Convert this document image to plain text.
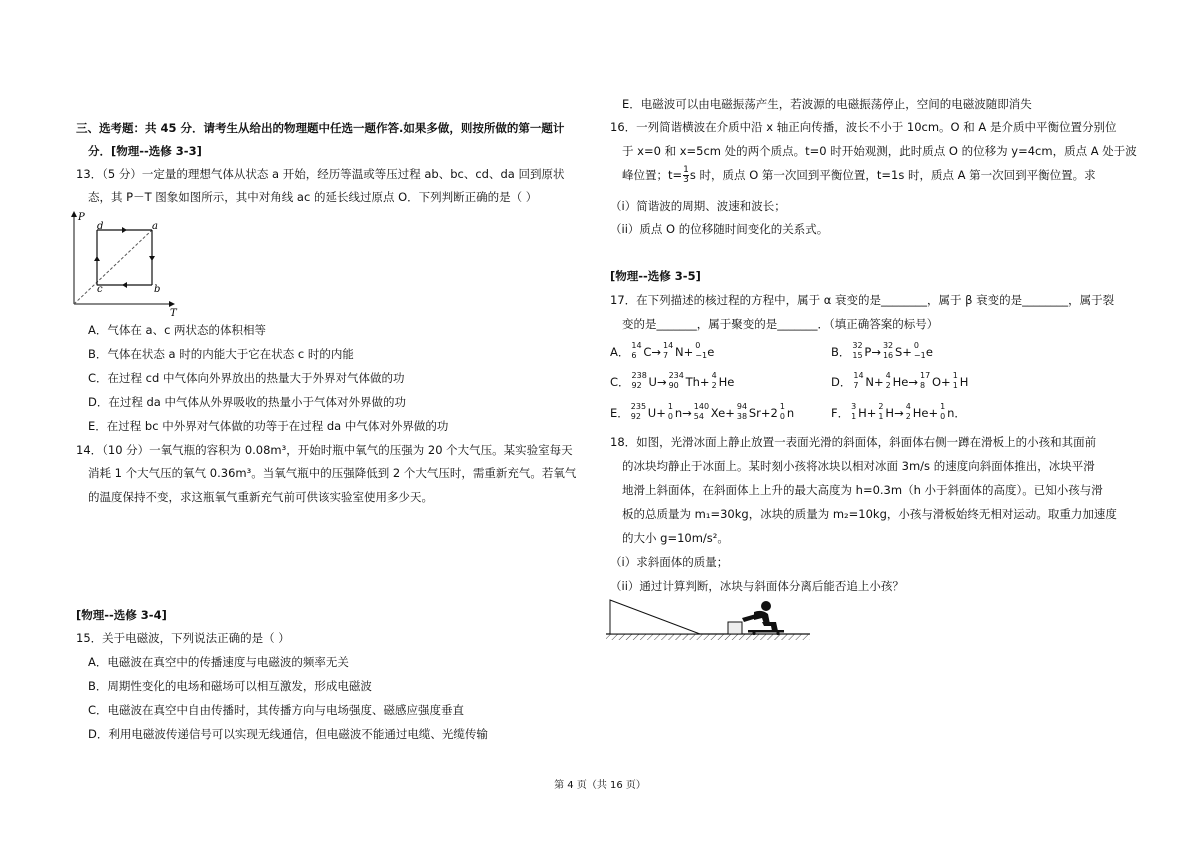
三、选考题：共 45 分．请考生从给出的物理题中任选一题作答.如果多做，则按所做的第一题计
分．[物理--选修 3-3]
13．（5 分）一定量的理想气体从状态 a 开始，经历等温或等压过程 ab、bc、cd、da 回到原状
态，其 P－T 图象如图所示，其中对角线 ac 的延长线过原点 O．下列判断正确的是（ ）
P
T
d	a
c	b
A．气体在 a、c 两状态的体积相等
B．气体在状态 a 时的内能大于它在状态 c 时的内能
C．在过程 cd 中气体向外界放出的热量大于外界对气体做的功
D．在过程 da 中气体从外界吸收的热量小于气体对外界做的功
E．在过程 bc 中外界对气体做的功等于在过程 da 中气体对外界做的功
14．（10 分）一氧气瓶的容积为 0.08m³，开始时瓶中氧气的压强为 20 个大气压。某实验室每天
消耗 1 个大气压的氧气 0.36m³。当氧气瓶中的压强降低到 2 个大气压时，需重新充气。若氧气
的温度保持不变，求这瓶氧气重新充气前可供该实验室使用多少天。
[物理--选修 3-4]
15．关于电磁波，下列说法正确的是（ ）
A．电磁波在真空中的传播速度与电磁波的频率无关
B．周期性变化的电场和磁场可以相互激发，形成电磁波
C．电磁波在真空中自由传播时，其传播方向与电场强度、磁感应强度垂直
D．利用电磁波传递信号可以实现无线通信，但电磁波不能通过电缆、光缆传输
E．电磁波可以由电磁振荡产生，若波源的电磁振荡停止，空间的电磁波随即消失
16．一列简谐横波在介质中沿 x 轴正向传播，波长不小于 10cm。O 和 A 是介质中平衡位置分别位
于 x=0 和 x=5cm 处的两个质点。t=0 时开始观测，此时质点 O 的位移为 y=4cm，质点 A 处于波
峰位置；$t= \frac{1}{3}$ s 时，质点 O 第一次回到平衡位置，t=1s 时，质点 A 第一次回到平衡位置。求
（i）简谐波的周期、波速和波长；
（ii）质点 O 的位移随时间变化的关系式。
[物理--选修 3-5]
17．在下列描述的核过程的方程中，属于 α 衰变的是________，属于 β 衰变的是________，属于裂
变的是_______，属于聚变的是_______．（填正确答案的标号）
A． 14
6 C→ 14
7 N+ 0
−1 e	B． 32
15 P→ 32
16 S+ 0
−1 e
C． 238
92 U→ 234
90 Th+ 4
2 He	D． 14
7 N+ 4
2 He→ 17
8 O+ 1
1 H
E． 235
92 U+ 1
0 n→ 140
54 Xe+ 94
38 Sr+2 1
0 n	F． 3
1 H+ 2
1 H→ 4
2 He+ 1
0 n．
18．如图，光滑冰面上静止放置一表面光滑的斜面体，斜面体右侧一蹲在滑板上的小孩和其面前
的冰块均静止于冰面上。某时刻小孩将冰块以相对冰面 3m/s 的速度向斜面体推出，冰块平滑
地滑上斜面体，在斜面体上上升的最大高度为 h=0.3m（h 小于斜面体的高度）。已知小孩与滑
板的总质量为 m₁=30kg，冰块的质量为 m₂=10kg，小孩与滑板始终无相对运动。取重力加速度
的大小 g=10m/s²。
（i）求斜面体的质量；
（ii）通过计算判断，冰块与斜面体分离后能否追上小孩？
第 4 页（共 16 页）
